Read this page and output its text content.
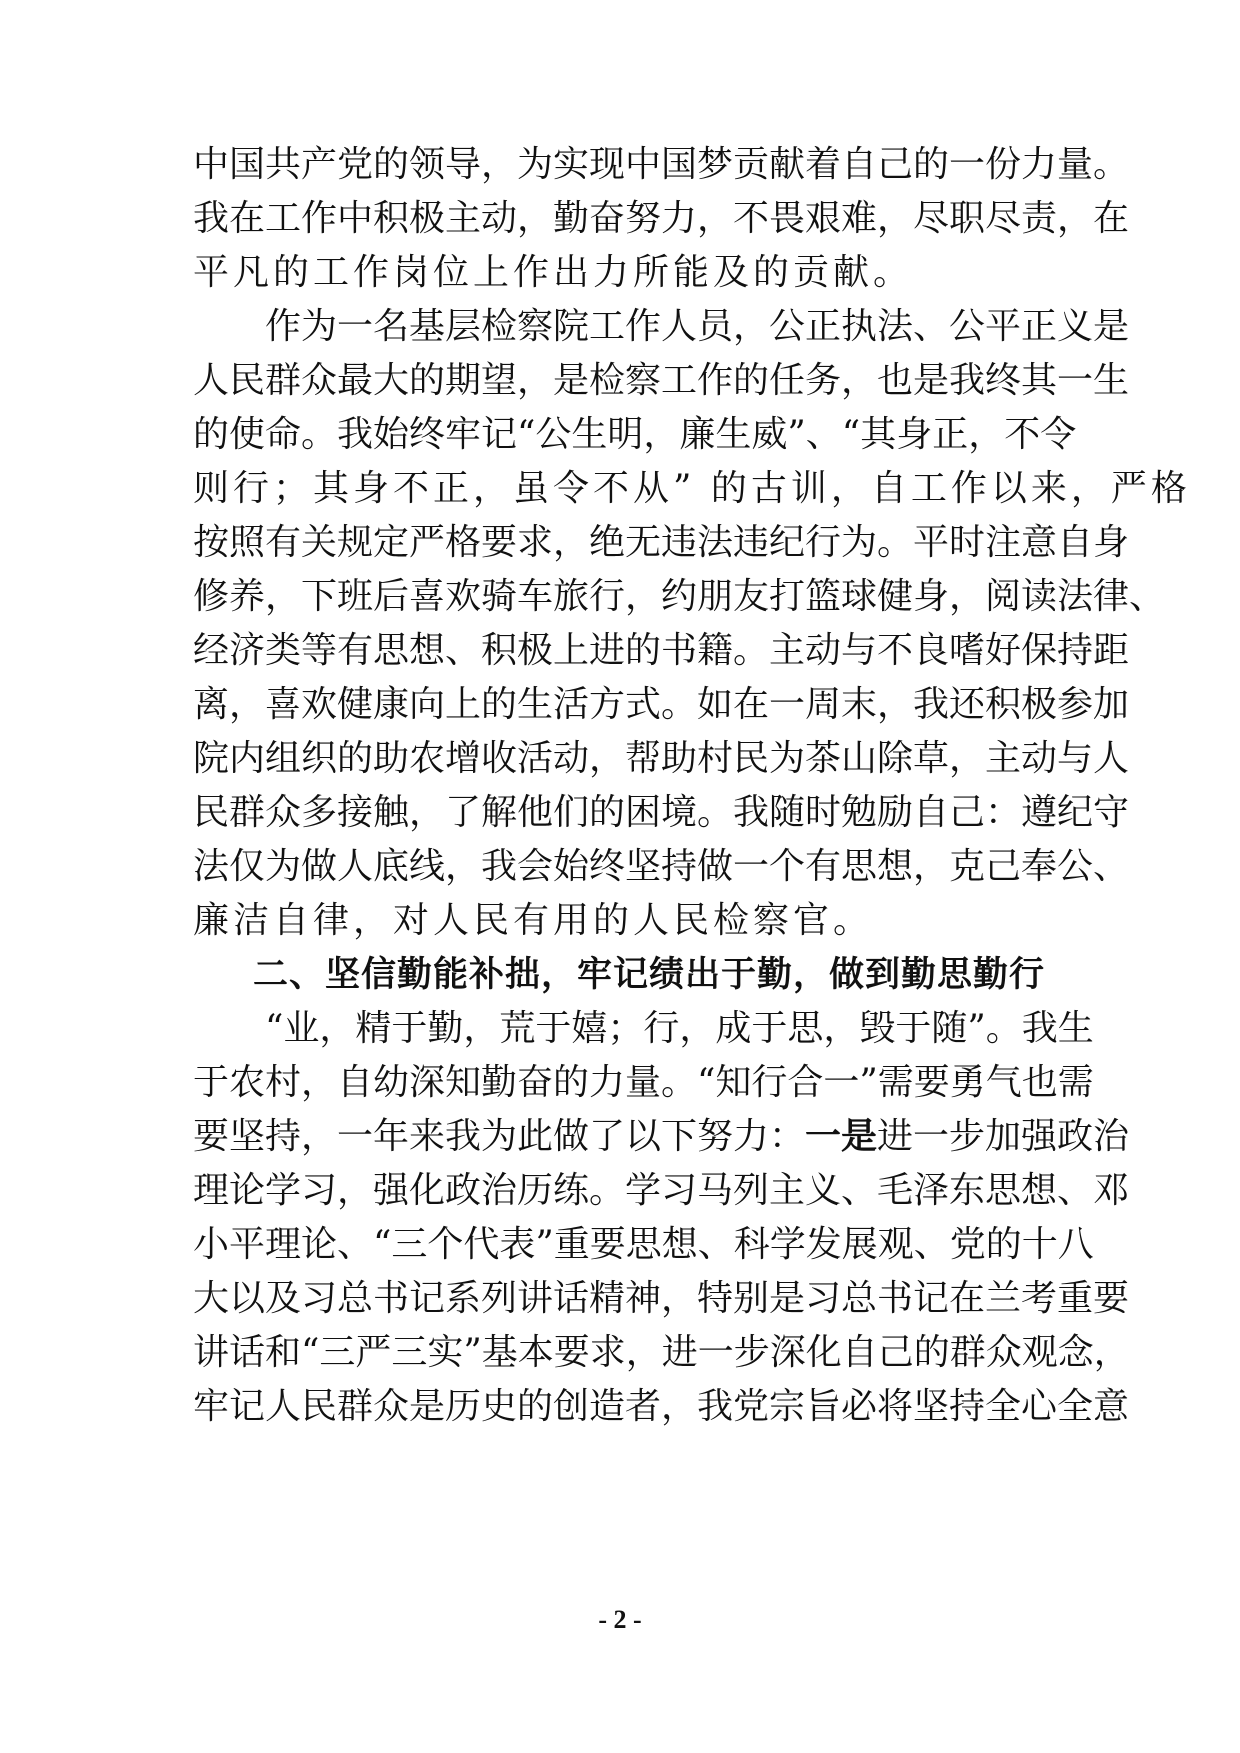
中国共产党的领导，为实现中国梦贡献着自己的一份力量。
我在工作中积极主动，勤奋努力，不畏艰难，尽职尽责，在
平凡的工作岗位上作出力所能及的贡献。
作为一名基层检察院工作人员，公正执法、公平正义是
人民群众最大的期望，是检察工作的任务，也是我终其一生
的使命。我始终牢记“公生明，廉生威”、“其身正，不令
则行；其身不正，虽令不从” 的古训，自工作以来，严格
按照有关规定严格要求，绝无违法违纪行为。平时注意自身
修养，下班后喜欢骑车旅行，约朋友打篮球健身，阅读法律、
经济类等有思想、积极上进的书籍。主动与不良嗜好保持距
离，喜欢健康向上的生活方式。如在一周末，我还积极参加
院内组织的助农增收活动，帮助村民为茶山除草，主动与人
民群众多接触，了解他们的困境。我随时勉励自己：遵纪守
法仅为做人底线，我会始终坚持做一个有思想，克己奉公、
廉洁自律，对人民有用的人民检察官。
二、坚信勤能补拙，牢记绩出于勤，做到勤思勤行
“业，精于勤，荒于嬉；行，成于思，毁于随”。我生
于农村，自幼深知勤奋的力量。“知行合一”需要勇气也需
要坚持，一年来我为此做了以下努力：一是进一步加强政治
理论学习，强化政治历练。学习马列主义、毛泽东思想、邓
小平理论、“三个代表”重要思想、科学发展观、党的十八
大以及习总书记系列讲话精神，特别是习总书记在兰考重要
讲话和“三严三实”基本要求，进一步深化自己的群众观念，
牢记人民群众是历史的创造者，我党宗旨必将坚持全心全意
- 2 -
